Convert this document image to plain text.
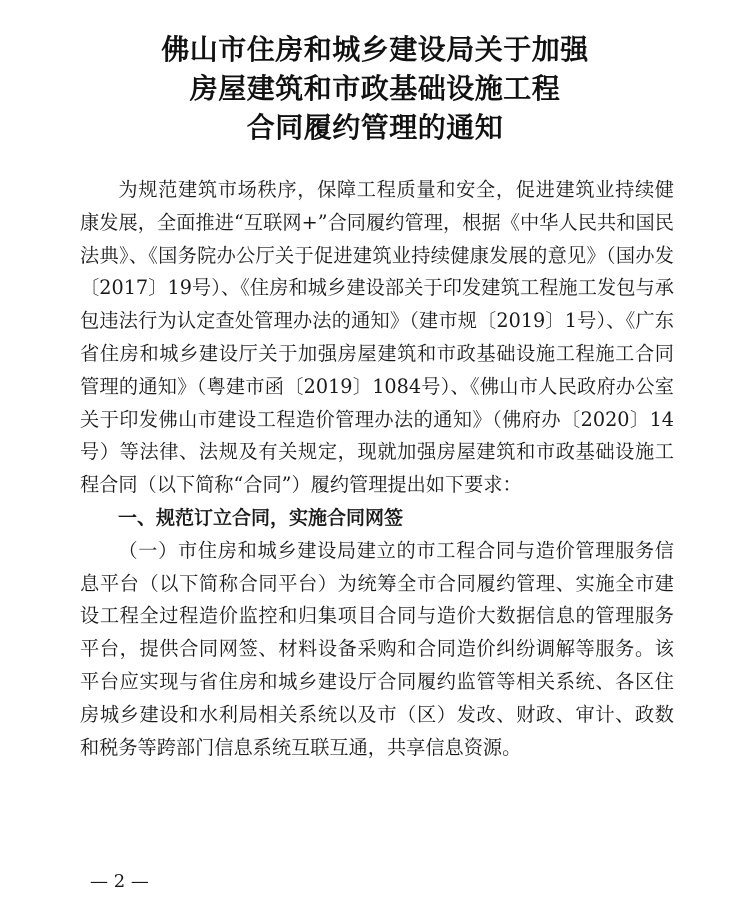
佛山市住房和城乡建设局关于加强
房屋建筑和市政基础设施工程
合同履约管理的通知

为规范建筑市场秩序，保障工程质量和安全，促进建筑业持续健康发展，全面推进“互联网+”合同履约管理，根据《中华人民共和国民法典》、《国务院办公厅关于促进建筑业持续健康发展的意见》（国办发〔2017〕19号）、《住房和城乡建设部关于印发建筑工程施工发包与承包违法行为认定查处管理办法的通知》（建市规〔2019〕1号）、《广东省住房和城乡建设厅关于加强房屋建筑和市政基础设施工程施工合同管理的通知》（粤建市函〔2019〕1084号）、《佛山市人民政府办公室关于印发佛山市建设工程造价管理办法的通知》（佛府办〔2020〕14号）等法律、法规及有关规定，现就加强房屋建筑和市政基础设施工程合同（以下简称“合同”）履约管理提出如下要求：

一、规范订立合同，实施合同网签

（一）市住房和城乡建设局建立的市工程合同与造价管理服务信息平台（以下简称合同平台）为统筹全市合同履约管理、实施全市建设工程全过程造价监控和归集项目合同与造价大数据信息的管理服务平台，提供合同网签、材料设备采购和合同造价纠纷调解等服务。该平台应实现与省住房和城乡建设厅合同履约监管等相关系统、各区住房城乡建设和水利局相关系统以及市（区）发改、财政、审计、政数和税务等跨部门信息系统互联互通，共享信息资源。

— 2 —
